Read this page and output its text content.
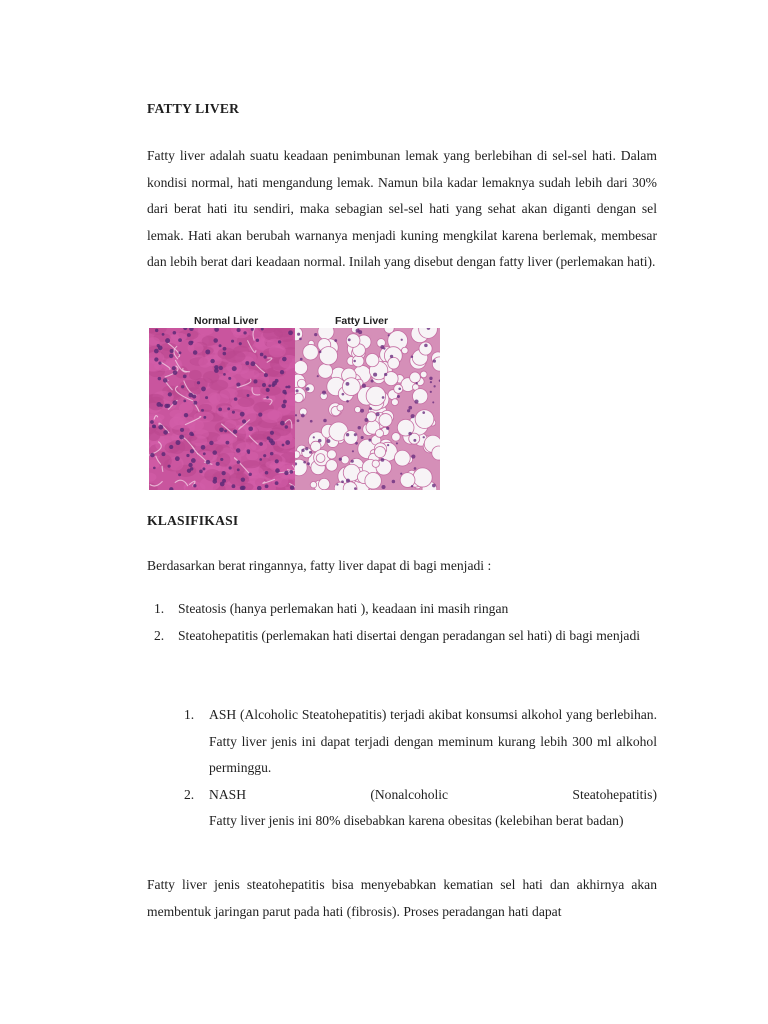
FATTY LIVER

Fatty liver adalah suatu keadaan penimbunan lemak yang berlebihan di sel-sel hati. Dalam kondisi normal, hati mengandung lemak. Namun bila kadar lemaknya sudah lebih dari 30% dari berat hati itu sendiri, maka sebagian sel-sel hati yang sehat akan diganti dengan sel lemak. Hati akan berubah warnanya menjadi kuning mengkilat karena berlemak, membesar dan lebih berat dari keadaan normal. Inilah yang disebut dengan fatty liver (perlemakan hati).

Normal Liver	Fatty Liver
KLASIFIKASI

Berdasarkan berat ringannya, fatty liver dapat di bagi menjadi :

1.	Steatosis (hanya perlemakan hati ), keadaan ini masih ringan
2.	Steatohepatitis (perlemakan hati disertai dengan peradangan sel hati) di bagi menjadi
1.	ASH (Alcoholic Steatohepatitis) terjadi akibat konsumsi alkohol yang berlebihan. Fatty liver jenis ini dapat terjadi dengan meminum kurang lebih 300 ml alkohol perminggu.
2.	NASH	(Nonalcoholic	Steatohepatitis)
Fatty liver jenis ini 80% disebabkan karena obesitas (kelebihan berat badan)

Fatty liver jenis steatohepatitis bisa menyebabkan kematian sel hati dan akhirnya akan membentuk jaringan parut pada hati (fibrosis). Proses peradangan hati dapat
